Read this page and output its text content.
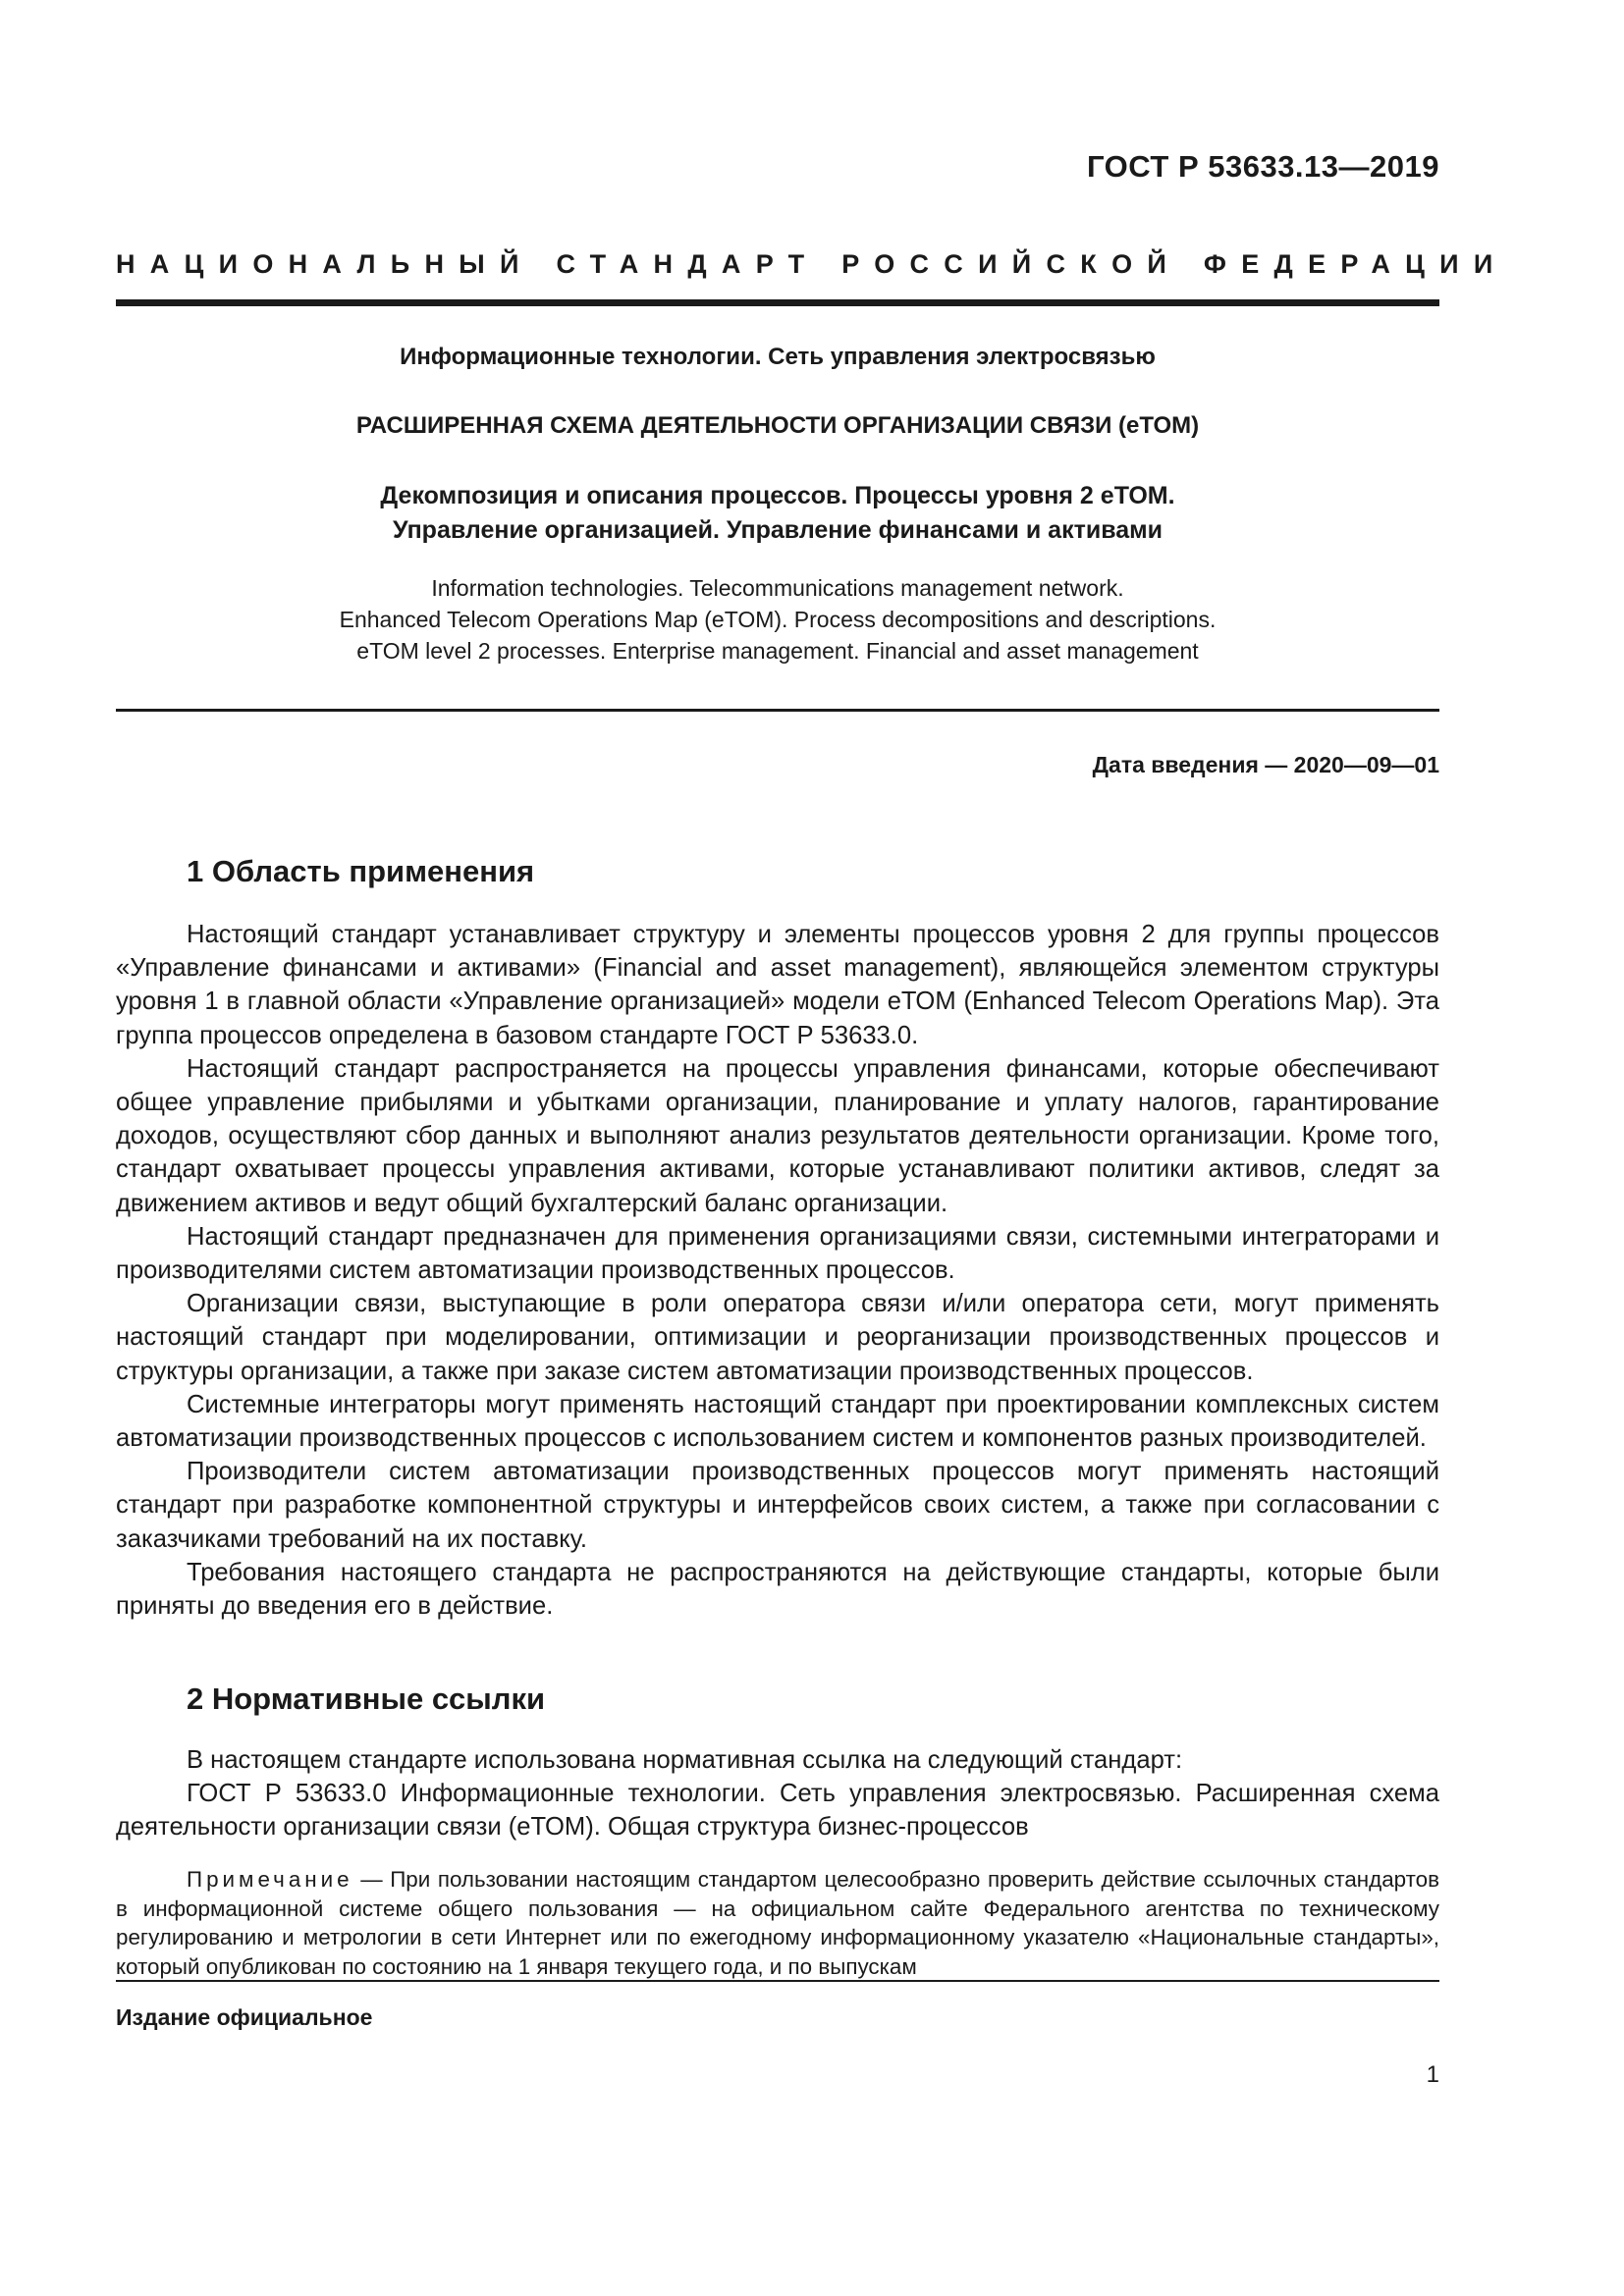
ГОСТ Р 53633.13—2019
НАЦИОНАЛЬНЫЙ СТАНДАРТ РОССИЙСКОЙ ФЕДЕРАЦИИ
Информационные технологии. Сеть управления электросвязью
РАСШИРЕННАЯ СХЕМА ДЕЯТЕЛЬНОСТИ ОРГАНИЗАЦИИ СВЯЗИ (еТОМ)
Декомпозиция и описания процессов. Процессы уровня 2 еТОМ.
Управление организацией. Управление финансами и активами
Information technologies. Telecommunications management network.
Enhanced Telecom Operations Map (eTOM). Process decompositions and descriptions.
eTOM level 2 processes. Enterprise management. Financial and asset management
Дата введения — 2020—09—01
1 Область применения

Настоящий стандарт устанавливает структуру и элементы процессов уровня 2 для группы процессов «Управление финансами и активами» (Financial and asset management), являющейся элементом структуры уровня 1 в главной области «Управление организацией» модели еТОМ (Enhanced Telecom Operations Map). Эта группа процессов определена в базовом стандарте ГОСТ Р 53633.0.

Настоящий стандарт распространяется на процессы управления финансами, которые обеспечивают общее управление прибылями и убытками организации, планирование и уплату налогов, гарантирование доходов, осуществляют сбор данных и выполняют анализ результатов деятельности организации. Кроме того, стандарт охватывает процессы управления активами, которые устанавливают политики активов, следят за движением активов и ведут общий бухгалтерский баланс организации.

Настоящий стандарт предназначен для применения организациями связи, системными интеграторами и производителями систем автоматизации производственных процессов.

Организации связи, выступающие в роли оператора связи и/или оператора сети, могут применять настоящий стандарт при моделировании, оптимизации и реорганизации производственных процессов и структуры организации, а также при заказе систем автоматизации производственных процессов.

Системные интеграторы могут применять настоящий стандарт при проектировании комплексных систем автоматизации производственных процессов с использованием систем и компонентов разных производителей.

Производители систем автоматизации производственных процессов могут применять настоящий стандарт при разработке компонентной структуры и интерфейсов своих систем, а также при согласовании с заказчиками требований на их поставку.

Требования настоящего стандарта не распространяются на действующие стандарты, которые были приняты до введения его в действие.

2 Нормативные ссылки

В настоящем стандарте использована нормативная ссылка на следующий стандарт:

ГОСТ Р 53633.0 Информационные технологии. Сеть управления электросвязью. Расширенная схема деятельности организации связи (еТОМ). Общая структура бизнес-процессов

Примечание — При пользовании настоящим стандартом целесообразно проверить действие ссылочных стандартов в информационной системе общего пользования — на официальном сайте Федерального агентства по техническому регулированию и метрологии в сети Интернет или по ежегодному информационному указателю «Национальные стандарты», который опубликован по состоянию на 1 января текущего года, и по выпускам
Издание официальное
1
